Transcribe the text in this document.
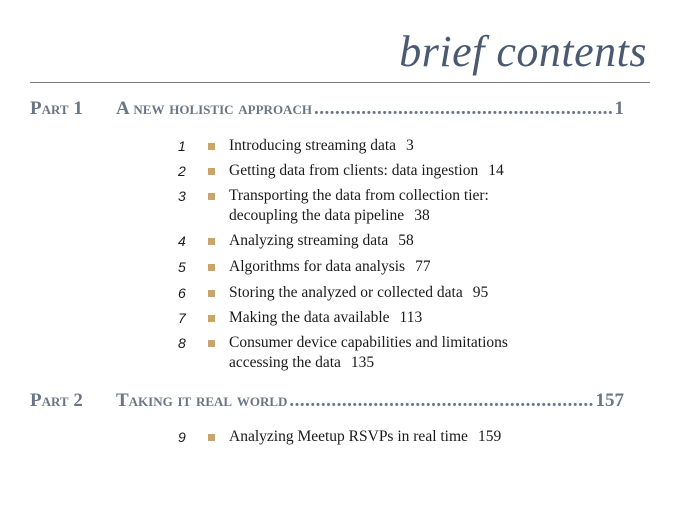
brief contents
Part 1	A new holistic approach .....	1
1	Introducing streaming data 3
2	Getting data from clients: data ingestion 14
3	Transporting the data from collection tier:
decoupling the data pipeline 38
4	Analyzing streaming data 58
5	Algorithms for data analysis 77
6	Storing the analyzed or collected data 95
7	Making the data available 113
8	Consumer device capabilities and limitations
accessing the data 135
Part 2	Taking it real world .....	157
9	Analyzing Meetup RSVPs in real time 159
